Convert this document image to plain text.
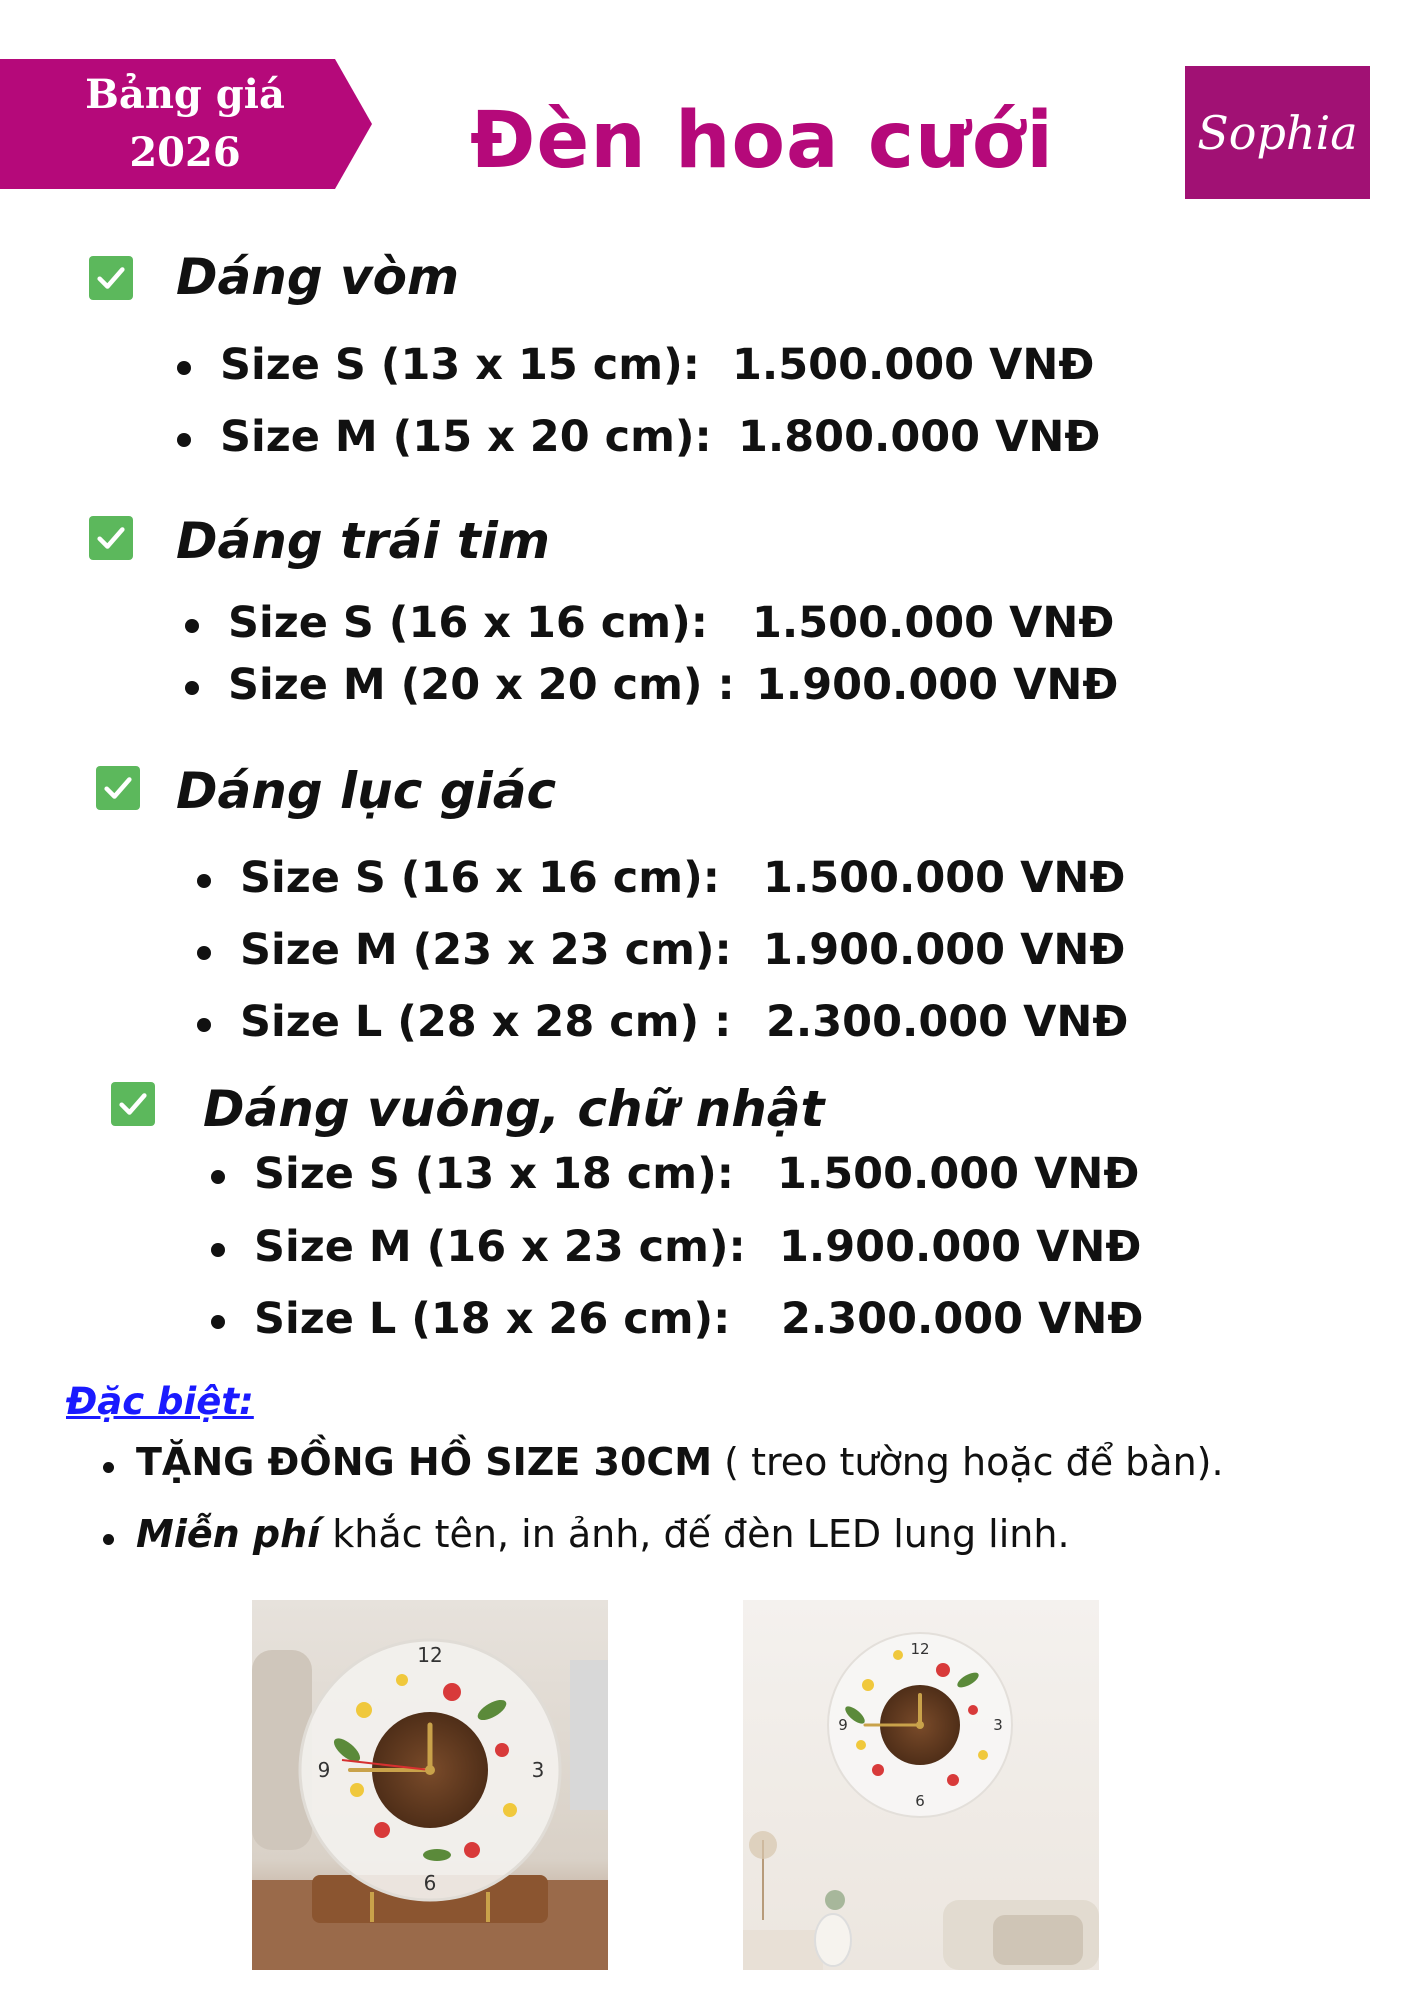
Bảng giá
2026	Đèn hoa cưới	Sophia
Dáng vòm
Size S (13 x 15 cm): 1.500.000 VNĐ
Size M (15 x 20 cm): 1.800.000 VNĐ
Dáng trái tim
Size S (16 x 16 cm): 1.500.000 VNĐ
Size M (20 x 20 cm) : 1.900.000 VNĐ
Dáng lục giác
Size S (16 x 16 cm): 1.500.000 VNĐ
Size M (23 x 23 cm): 1.900.000 VNĐ
Size L (28 x 28 cm) : 2.300.000 VNĐ
Dáng vuông, chữ nhật
Size S (13 x 18 cm): 1.500.000 VNĐ
Size M (16 x 23 cm): 1.900.000 VNĐ
Size L (18 x 26 cm): 2.300.000 VNĐ
Đặc biệt:
TẶNG ĐỒNG HỒ SIZE 30CM ( treo tường hoặc để bàn).
Miễn phí khắc tên, in ảnh, đế đèn LED lung linh.
12
3
6
9
12
3
6
9
